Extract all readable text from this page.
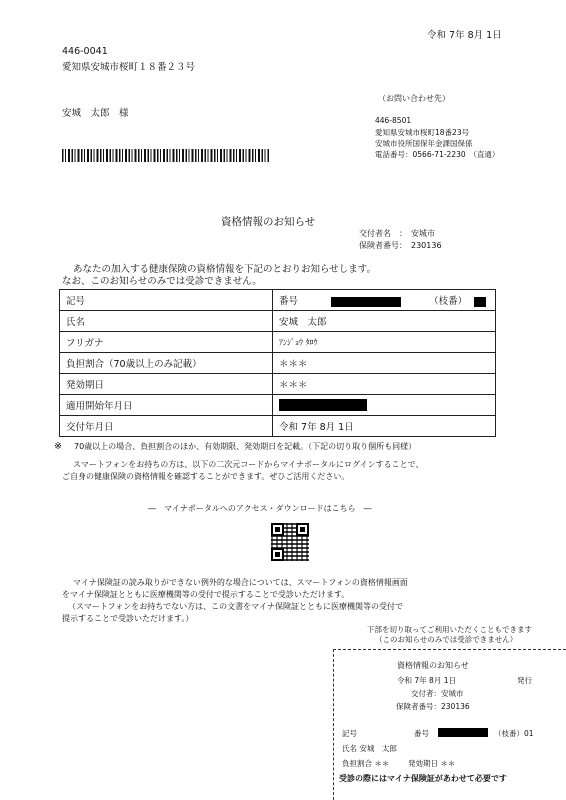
令和 7年 8月 1日
446-0041
愛知県安城市桜町１８番２３号
安城　太郎　様
（お問い合わせ先）
446-8501
愛知県安城市桜町18番23号
安城市役所国保年金課国保係
電話番号：0566-71-2230　（直通）
資格情報のお知らせ
交付者名　：　安城市
保険者番号：　230136
あなたの加入する健康保険の資格情報を下記のとおりお知らせします。
なお、このお知らせのみでは受診できません。
記号	番号 （枝番）
氏名	安城　太郎
フリガナ	ｱﾝｼﾞｮｳ ﾀﾛｳ
負担割合（70歳以上のみ記載）	＊＊＊
発効期日	＊＊＊
適用開始年月日	
交付年月日	令和 7年 8月 1日
※ 70歳以上の場合、負担割合のほか、有効期限、発効期日を記載。（下記の切り取り個所も同様）
スマートフォンをお持ちの方は、以下の二次元コードからマイナポータルにログインすることで、
ご自身の健康保険の資格情報を確認することができます。ぜひご活用ください。
―　マイナポータルへのアクセス・ダウンロードはこちら　―
マイナ保険証の読み取りができない例外的な場合については、スマートフォンの資格情報画面
をマイナ保険証とともに医療機関等の受付で提示することで受診いただけます。
（スマートフォンをお持ちでない方は、この文書をマイナ保険証とともに医療機関等の受付で
提示することで受診いただけます。）
下部を切り取ってご利用いただくこともできます
（このお知らせのみでは受診できません）
資格情報のお知らせ
令和 7年 8月 1日	発行
交付者：安城市
保険者番号：230136
記号	番号	（枝番）01
氏名 安城　太郎
負担割合 ＊＊ 発効期日 ＊＊
受診の際にはマイナ保険証があわせて必要です
